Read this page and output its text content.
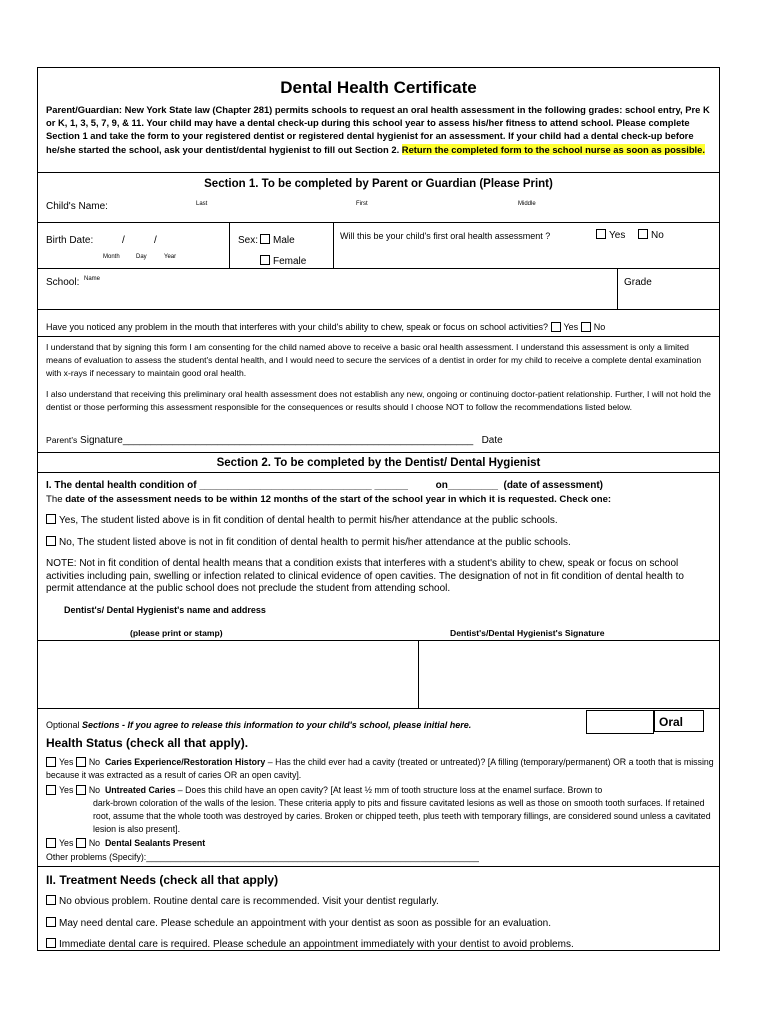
Dental Health Certificate
Parent/Guardian: New York State law (Chapter 281) permits schools to request an oral health assessment in the following grades: school entry, Pre K or K, 1, 3, 5, 7, 9, & 11. Your child may have a dental check-up during this school year to assess his/her fitness to attend school. Please complete Section 1 and take the form to your registered dentist or registered dental hygienist for an assessment. If your child had a dental check-up before he/she started the school, ask your dentist/dental hygienist to fill out Section 2. Return the completed form to the school nurse as soon as possible.
Section 1. To be completed by Parent or Guardian (Please Print)
Child's Name:	Last	First	Middle
Birth Date:	/	/
Month	Day	Year
Sex:	Male
Female
Will this be your child's first oral health assessment ?	Yes	No
School: Name	Grade
Have you noticed any problem in the mouth that interferes with your child's ability to chew, speak or focus on school activities? Yes No
I understand that by signing this form I am consenting for the child named above to receive a basic oral health assessment. I understand this assessment is only a limited means of evaluation to assess the student's dental health, and I would need to secure the services of a dentist in order for my child to receive a complete dental examination with x-rays if necessary to maintain good oral health.
I also understand that receiving this preliminary oral health assessment does not establish any new, ongoing or continuing doctor-patient relationship. Further, I will not hold the dentist or those performing this assessment responsible for the consequences or results should I choose NOT to follow the recommendations listed below.
Parent's Signature_______________________________________________________________ Date
Section 2. To be completed by the Dentist/ Dental Hygienist
I. The dental health condition of _______________________________ ______          on_________  (date of assessment)
The date of the assessment needs to be within 12 months of the start of the school year in which it is requested. Check one:
Yes, The student listed above is in fit condition of dental health to permit his/her attendance at the public schools.
No, The student listed above is not in fit condition of dental health to permit his/her attendance at the public schools.
NOTE: Not in fit condition of dental health means that a condition exists that interferes with a student's ability to chew, speak or focus on school activities including pain, swelling or infection related to clinical evidence of open cavities. The designation of not in fit condition of dental health to permit attendance at the public school does not preclude the student from attending school.
Dentist's/ Dental Hygienist's name and address
(please print or stamp)	Dentist's/Dental Hygienist's Signature
Optional Sections - If you agree to release this information to your child's school, please initial here.	Oral
Health Status (check all that apply).
Yes No Caries Experience/Restoration History – Has the child ever had a cavity (treated or untreated)? [A filling (temporary/permanent) OR a tooth that is missing because it was extracted as a result of caries OR an open cavity].
Yes No Untreated Caries – Does this child have an open cavity? [At least ½ mm of tooth structure loss at the enamel surface. Brown to
dark-brown coloration of the walls of the lesion. These criteria apply to pits and fissure cavitated lesions as well as those on smooth tooth surfaces. If retained root, assume that the whole tooth was destroyed by caries. Broken or chipped teeth, plus teeth with temporary fillings, are considered sound unless a cavitated lesion is also present].
Yes No Dental Sealants Present
Other problems (Specify):____________________________________________________________________
II. Treatment Needs (check all that apply)
No obvious problem. Routine dental care is recommended. Visit your dentist regularly.
May need dental care. Please schedule an appointment with your dentist as soon as possible for an evaluation.
Immediate dental care is required. Please schedule an appointment immediately with your dentist to avoid problems.
